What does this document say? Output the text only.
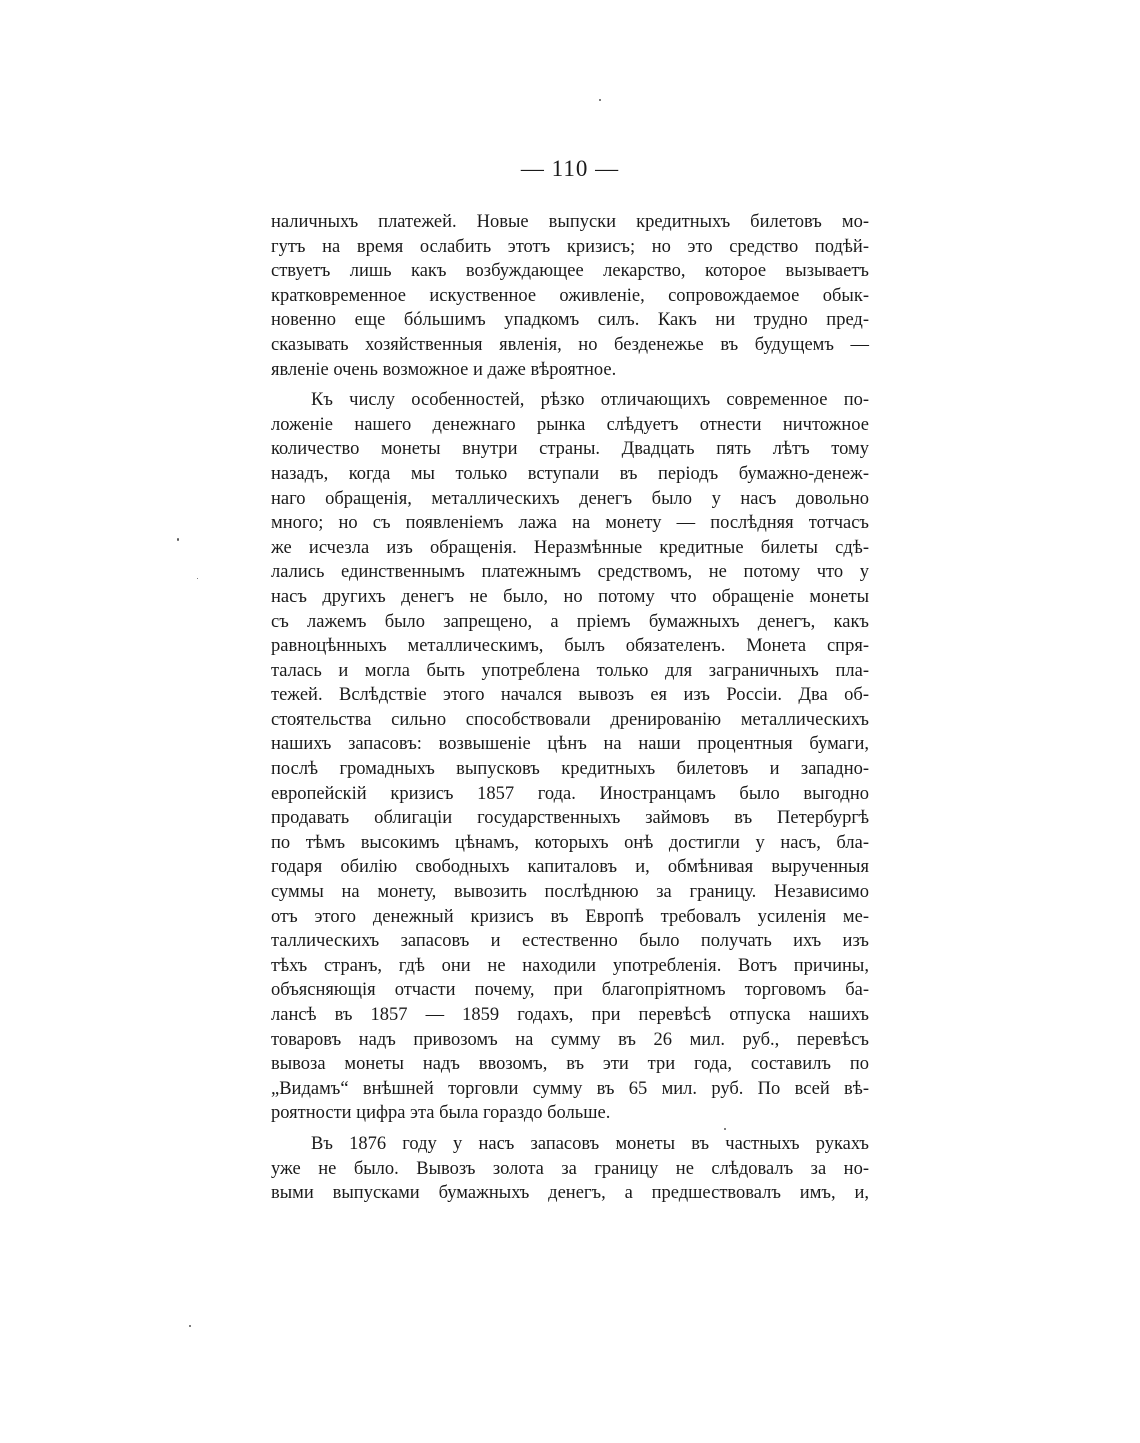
— 110 —
наличныхъ платежей. Новые выпуски кредитныхъ билетовъ мо-
гутъ на время ослабить этотъ кризисъ; но это средство подѣй-
ствуетъ лишь какъ возбуждающее лекарство, которое вызываетъ
кратковременное искуственное оживленіе, сопровождаемое обык-
новенно еще бóльшимъ упадкомъ силъ. Какъ ни трудно пред-
сказывать хозяйственныя явленія, но безденежье въ будущемъ —
явленіе очень возможное и даже вѣроятное.
Къ числу особенностей, рѣзко отличающихъ современное по-
ложеніе нашего денежнаго рынка слѣдуетъ отнести ничтожное
количество монеты внутри страны. Двадцать пять лѣтъ тому
назадъ, когда мы только вступали въ періодъ бумажно-денеж-
наго обращенія, металлическихъ денегъ было у насъ довольно
много; но съ появленіемъ лажа на монету — послѣдняя тотчасъ
же исчезла изъ обращенія. Неразмѣнные кредитные билеты сдѣ-
лались единственнымъ платежнымъ средствомъ, не потому что у
насъ другихъ денегъ не было, но потому что обращеніе монеты
съ лажемъ было запрещено, а пріемъ бумажныхъ денегъ, какъ
равноцѣнныхъ металлическимъ, былъ обязателенъ. Монета спря-
талась и могла быть употреблена только для заграничныхъ пла-
тежей. Вслѣдствіе этого начался вывозъ ея изъ Россіи. Два об-
стоятельства сильно способствовали дренированію металлическихъ
нашихъ запасовъ: возвышеніе цѣнъ на наши процентныя бумаги,
послѣ громадныхъ выпусковъ кредитныхъ билетовъ и западно-
европейскій кризисъ 1857 года. Иностранцамъ было выгодно
продавать облигаціи государственныхъ займовъ въ Петербургѣ
по тѣмъ высокимъ цѣнамъ, которыхъ онѣ достигли у насъ, бла-
годаря обилію свободныхъ капиталовъ и, обмѣнивая вырученныя
суммы на монету, вывозить послѣднюю за границу. Независимо
отъ этого денежный кризисъ въ Европѣ требовалъ усиленія ме-
таллическихъ запасовъ и естественно было получать ихъ изъ
тѣхъ странъ, гдѣ они не находили употребленія. Вотъ причины,
объясняющія отчасти почему, при благопріятномъ торговомъ ба-
лансѣ въ 1857 — 1859 годахъ, при перевѣсѣ отпуска нашихъ
товаровъ надъ привозомъ на сумму въ 26 мил. руб., перевѣсъ
вывоза монеты надъ ввозомъ, въ эти три года, составилъ по
„Видамъ“ внѣшней торговли сумму въ 65 мил. руб. По всей вѣ-
роятности цифра эта была гораздо больше.
Въ 1876 году у насъ запасовъ монеты въ частныхъ рукахъ
уже не было. Вывозъ золота за границу не слѣдовалъ за но-
выми выпусками бумажныхъ денегъ, а предшествовалъ имъ, и,
